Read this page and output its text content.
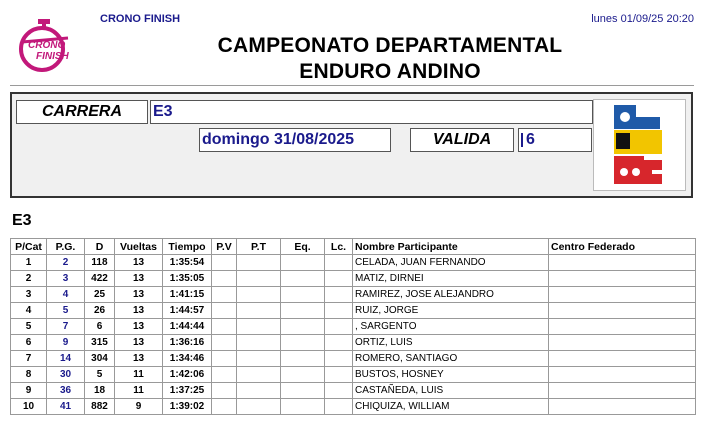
CRONO
FINISH
CRONO FINISH	lunes 01/09/25 20:20
CAMPEONATO DEPARTAMENTAL
ENDURO ANDINO
CARRERA	E3
domingo 31/08/2025	VALIDA	6
E3
P/Cat	P.G.	D	Vueltas	Tiempo	P.V	P.T	Eq.	Lc.	Nombre Participante	Centro Federado
1	2	118	13	1:35:54					CELADA, JUAN FERNANDO	
2	3	422	13	1:35:05					MATIZ, DIRNEI	
3	4	25	13	1:41:15					RAMIREZ, JOSE ALEJANDRO	
4	5	26	13	1:44:57					RUIZ, JORGE	
5	7	6	13	1:44:44					, SARGENTO	
6	9	315	13	1:36:16					ORTIZ, LUIS	
7	14	304	13	1:34:46					ROMERO, SANTIAGO	
8	30	5	11	1:42:06					BUSTOS, HOSNEY	
9	36	18	11	1:37:25					CASTAÑEDA, LUIS	
10	41	882	9	1:39:02					CHIQUIZA, WILLIAM	
